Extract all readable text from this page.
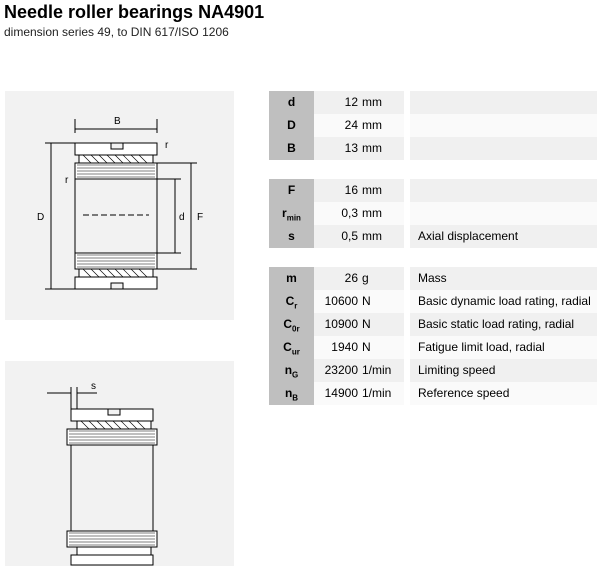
Needle roller bearings NA4901
dimension series 49, to DIN 617/ISO 1206
B
r
r
D	d F
s
d	12 mm
D	24 mm
B	13 mm
F	16 mm
$r_{min}$	0,3 mm
s	0,5 mm	Axial displacement
m	26 g	Mass
$C_r$	10600 N	Basic dynamic load rating, radial
$C_{0r}$	10900 N	Basic static load rating, radial
$C_{ur}$	1940 N	Fatigue limit load, radial
$n_G$	23200 1/min	Limiting speed
$n_B$	14900 1/min	Reference speed
